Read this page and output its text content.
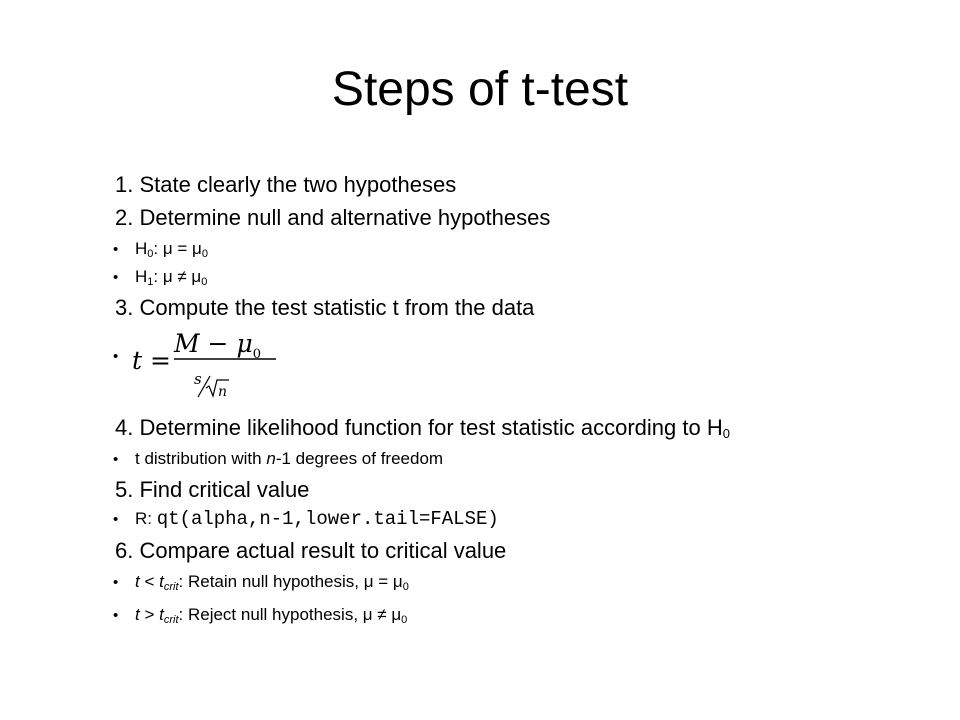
Steps of t-test
1. State clearly the two hypotheses
2. Determine null and alternative hypotheses
• $H_0$: $\mu = \mu_0$
• $H_1$: $\mu \ne \mu_0$
3. Compute the test statistic t from the data
• t =
$M - \mu_0$
s
n
4. Determine likelihood function for test statistic according to $H_0$
• t distribution with n-1 degrees of freedom
5. Find critical value
• R: qt(alpha,n-1,lower.tail=FALSE)
6. Compare actual result to critical value
• $t < t_{crit}$: Retain null hypothesis, $\mu = \mu_0$
• $t > t_{crit}$: Reject null hypothesis, $\mu \ne \mu_0$
